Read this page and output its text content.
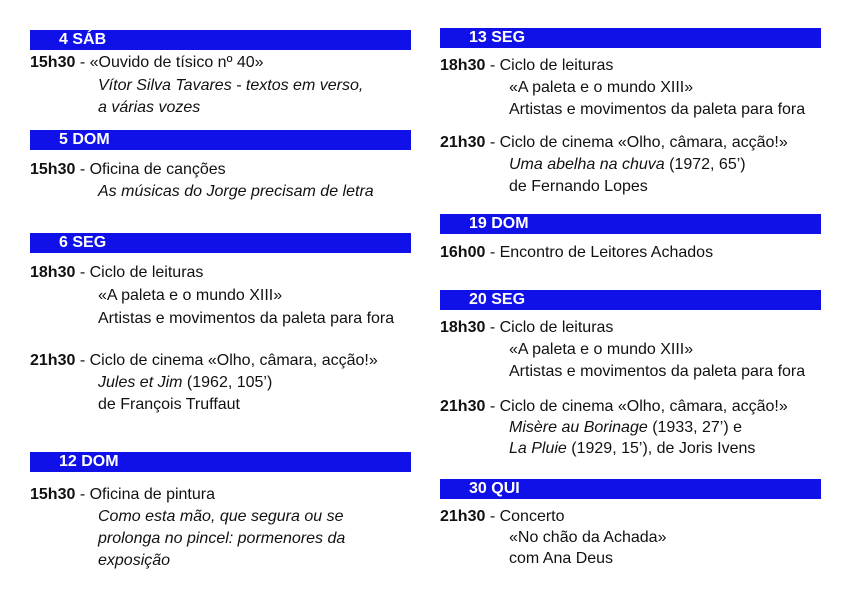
4 SÁB
15h30 - «Ouvido de tísico nº 40»
Vítor Silva Tavares - textos em verso,
a várias vozes
5 DOM
15h30 - Oficina de canções
As músicas do Jorge precisam de letra
6 SEG
18h30 - Ciclo de leituras
«A paleta e o mundo XIII»
Artistas e movimentos da paleta para fora
21h30 - Ciclo de cinema «Olho, câmara, acção!»
Jules et Jim (1962, 105’)
de François Truffaut
12 DOM
15h30 - Oficina de pintura
Como esta mão, que segura ou se
prolonga no pincel: pormenores da
exposição
13 SEG
18h30 - Ciclo de leituras
«A paleta e o mundo XIII»
Artistas e movimentos da paleta para fora
21h30 - Ciclo de cinema «Olho, câmara, acção!»
Uma abelha na chuva (1972, 65’)
de Fernando Lopes
19 DOM
16h00 - Encontro de Leitores Achados
20 SEG
18h30 - Ciclo de leituras
«A paleta e o mundo XIII»
Artistas e movimentos da paleta para fora
21h30 - Ciclo de cinema «Olho, câmara, acção!»
Misère au Borinage (1933, 27’) e
La Pluie (1929, 15’), de Joris Ivens
30 QUI
21h30 - Concerto
«No chão da Achada»
com Ana Deus
